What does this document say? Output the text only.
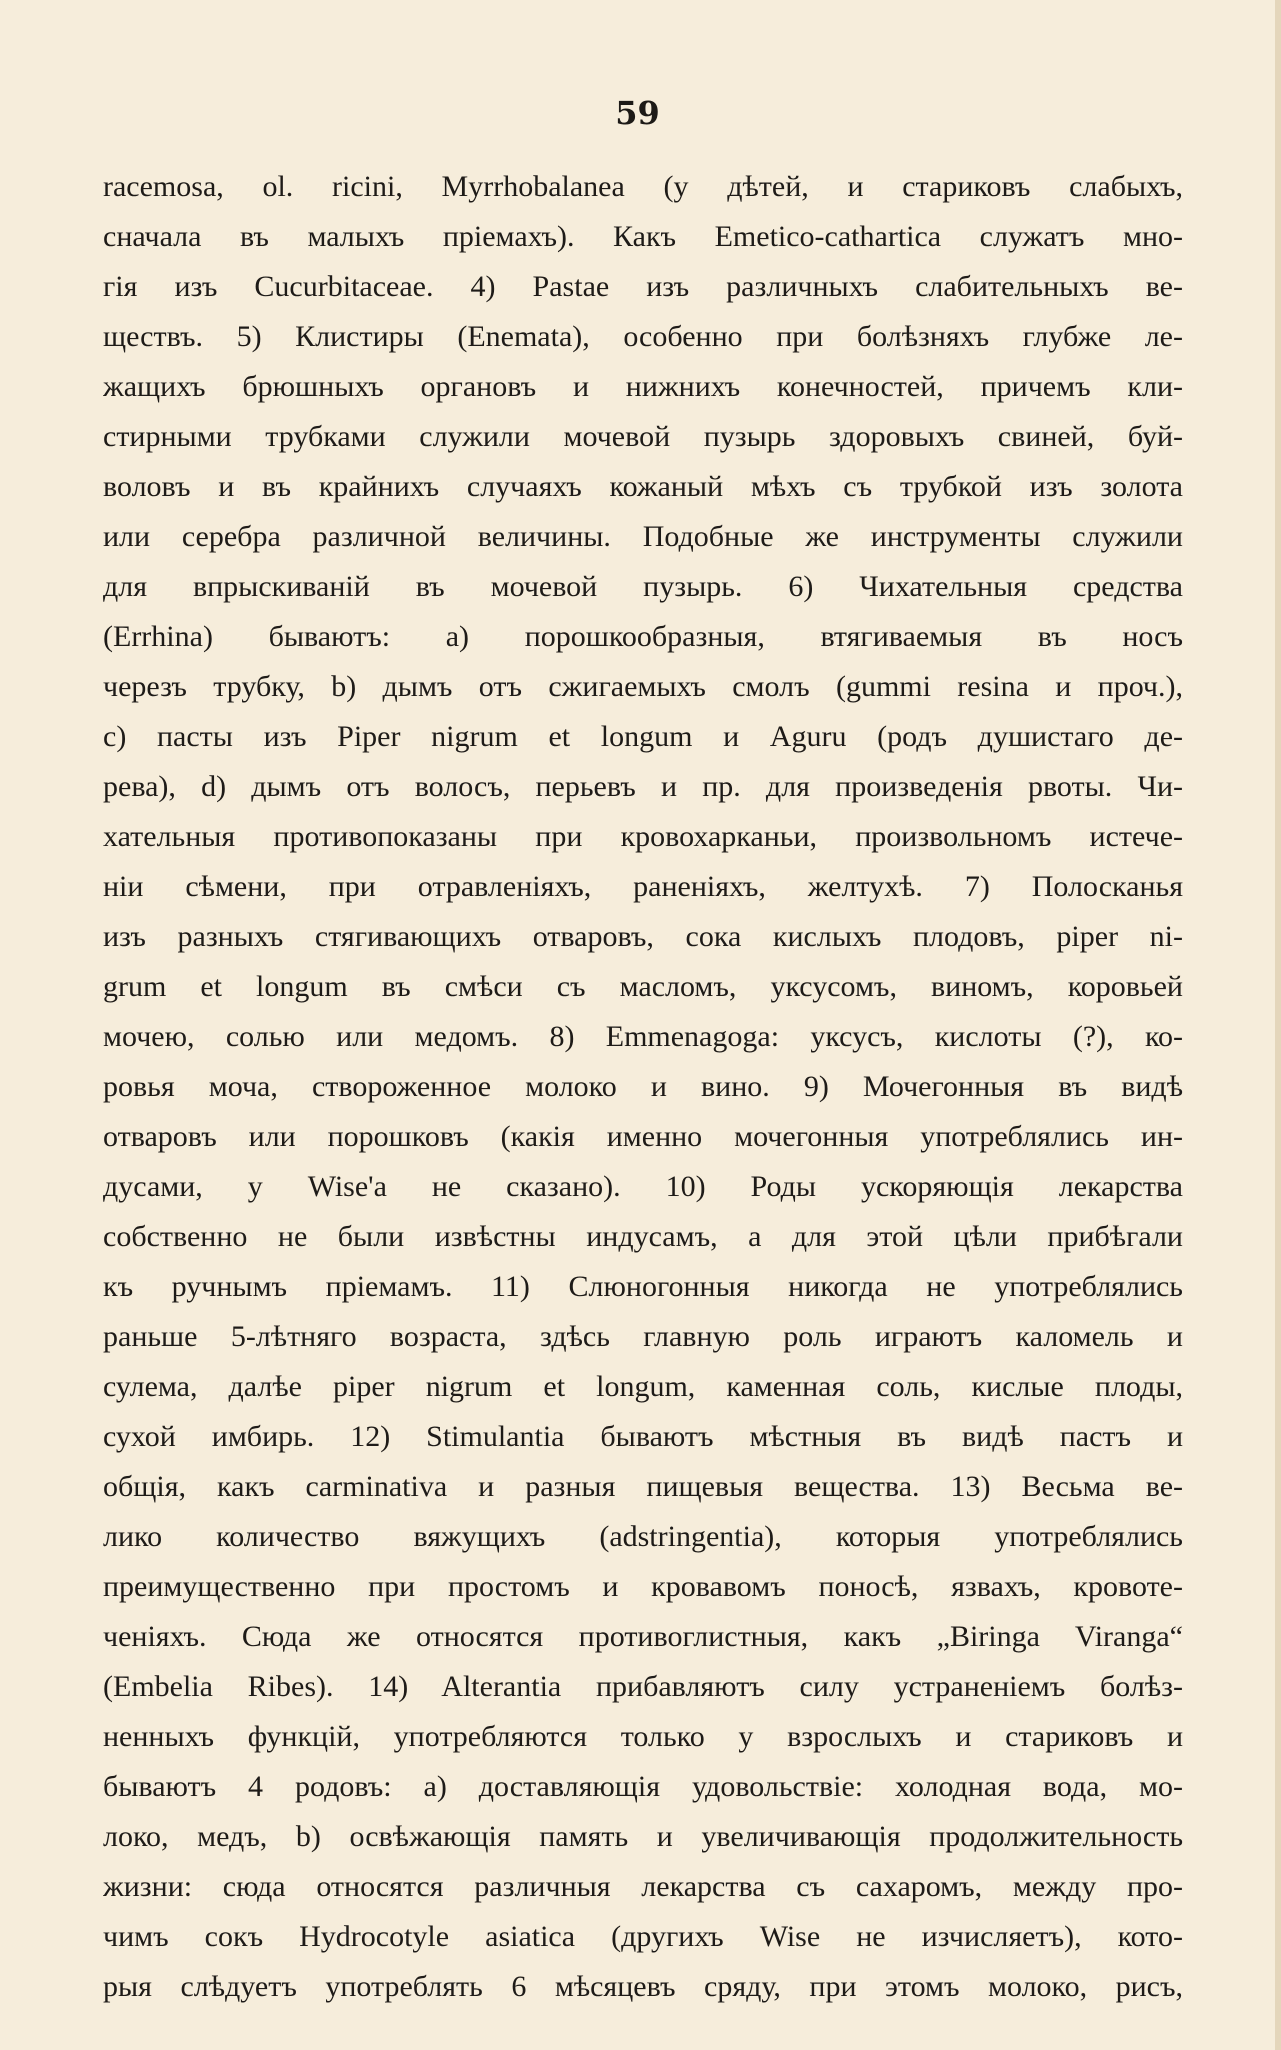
59
racemosa, ol. ricini, Myrrhobalanea (у дѣтей, и стариковъ слабыхъ,
сначала въ малыхъ пріемахъ). Какъ Emetico-cathartica служатъ мно-
гія изъ Cucurbitaceae. 4) Pastae изъ различныхъ слабительныхъ ве-
ществъ. 5) Клистиры (Enemata), особенно при болѣзняхъ глубже ле-
жащихъ брюшныхъ органовъ и нижнихъ конечностей, причемъ кли-
стирными трубками служили мочевой пузырь здоровыхъ свиней, буй-
воловъ и въ крайнихъ случаяхъ кожаный мѣхъ съ трубкой изъ золота
или серебра различной величины. Подобные же инструменты служили
для впрыскиваній въ мочевой пузырь. 6) Чихательныя средства
(Errhina) бываютъ: a) порошкообразныя, втягиваемыя въ носъ
черезъ трубку, b) дымъ отъ сжигаемыхъ смолъ (gummi resina и проч.),
c) пасты изъ Piper nigrum et longum и Aguru (родъ душистаго де-
рева), d) дымъ отъ волосъ, перьевъ и пр. для произведенія рвоты. Чи-
хательныя противопоказаны при кровохарканьи, произвольномъ истече-
ніи сѣмени, при отравленіяхъ, раненіяхъ, желтухѣ. 7) Полосканья
изъ разныхъ стягивающихъ отваровъ, сока кислыхъ плодовъ, piper ni-
grum et longum въ смѣси съ масломъ, уксусомъ, виномъ, коровьей
мочею, солью или медомъ. 8) Emmenagoga: уксусъ, кислоты (?), ко-
ровья моча, створоженное молоко и вино. 9) Мочегонныя въ видѣ
отваровъ или порошковъ (какія именно мочегонныя употреблялись ин-
дусами, у Wise'а не сказано). 10) Роды ускоряющія лекарства
собственно не были извѣстны индусамъ, а для этой цѣли прибѣгали
къ ручнымъ пріемамъ. 11) Слюногонныя никогда не употреблялись
раньше 5-лѣтняго возраста, здѣсь главную роль играютъ каломель и
сулема, далѣе piper nigrum et longum, каменная соль, кислые плоды,
сухой имбирь. 12) Stimulantia бываютъ мѣстныя въ видѣ пастъ и
общія, какъ carminativa и разныя пищевыя вещества. 13) Весьма ве-
лико количество вяжущихъ (adstringentia), которыя употреблялись
преимущественно при простомъ и кровавомъ поносѣ, язвахъ, кровоте-
ченіяхъ. Сюда же относятся противоглистныя, какъ „Biringa Viranga“
(Embelia Ribes). 14) Alterantia прибавляютъ силу устраненіемъ болѣз-
ненныхъ функцій, употребляются только у взрослыхъ и стариковъ и
бываютъ 4 родовъ: a) доставляющія удовольствіе: холодная вода, мо-
локо, медъ, b) освѣжающія память и увеличивающія продолжительность
жизни: сюда относятся различныя лекарства съ сахаромъ, между про-
чимъ сокъ Hydrocotyle asiatica (другихъ Wise не изчисляетъ), кото-
рыя слѣдуетъ употреблять 6 мѣсяцевъ сряду, при этомъ молоко, рисъ,
